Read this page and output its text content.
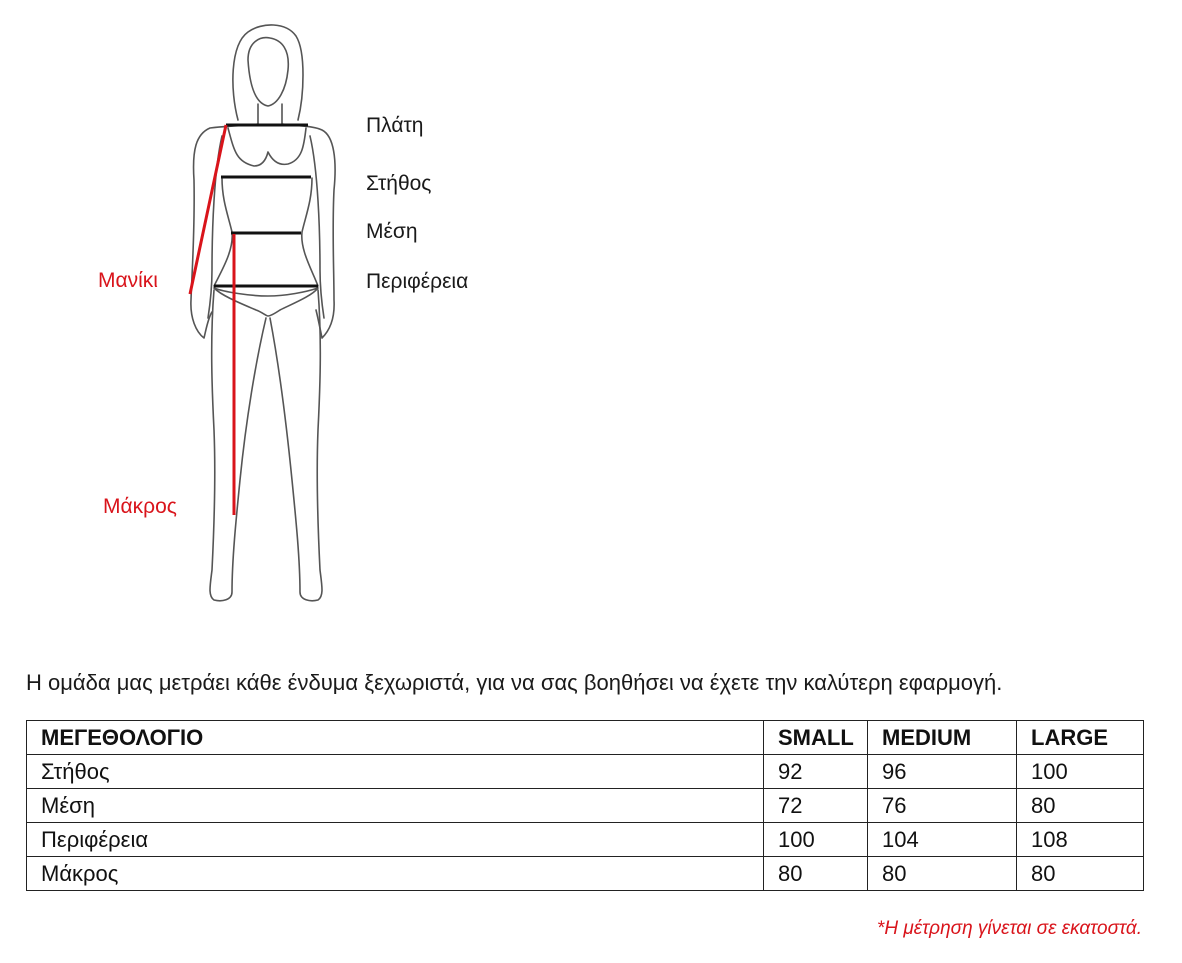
Πλάτη
Στήθος
Μέση
Περιφέρεια
Μανίκι
Μάκρος
Η ομάδα μας μετράει κάθε ένδυμα ξεχωριστά, για να σας βοηθήσει να έχετε την καλύτερη εφαρμογή.
ΜΕΓΕΘΟΛΟΓΙΟ	SMALL	MEDIUM	LARGE
Στήθος	92	96	100
Μέση	72	76	80
Περιφέρεια	100	104	108
Μάκρος	80	80	80
*Η μέτρηση γίνεται σε εκατοστά.
